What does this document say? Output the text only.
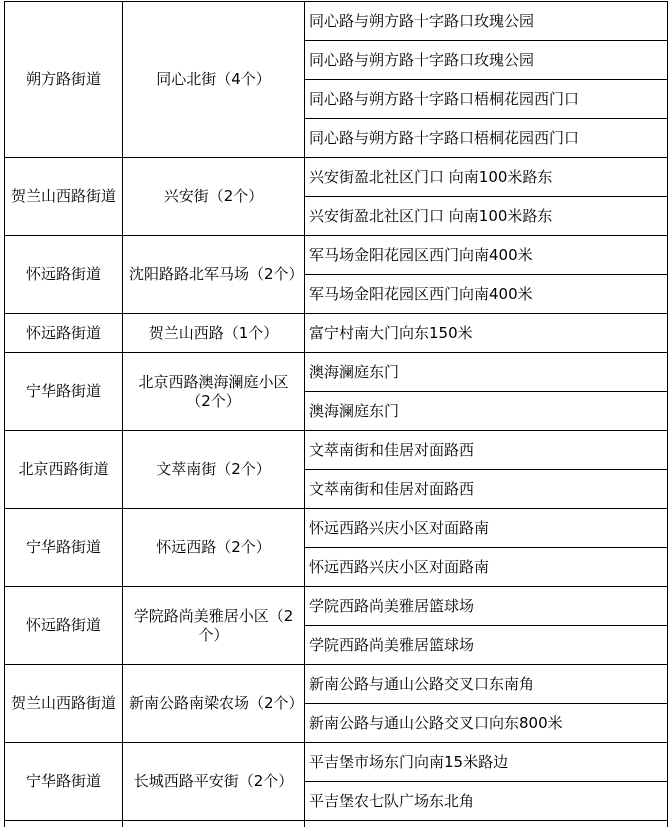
朔方路街道	同心北街（4个）	同心路与朔方路十字路口玫瑰公园
		同心路与朔方路十字路口玫瑰公园
		同心路与朔方路十字路口梧桐花园西门口
		同心路与朔方路十字路口梧桐花园西门口
贺兰山西路街道	兴安街（2个）	兴安街盈北社区门口 向南100米路东
		兴安街盈北社区门口 向南100米路东
怀远路街道	沈阳路路北军马场（2个）	军马场金阳花园区西门向南400米
		军马场金阳花园区西门向南400米
怀远路街道	贺兰山西路（1个）	富宁村南大门向东150米
宁华路街道	北京西路澳海澜庭小区（2个）	澳海澜庭东门
		澳海澜庭东门
北京西路街道	文萃南街（2个）	文萃南街和佳居对面路西
		文萃南街和佳居对面路西
宁华路街道	怀远西路（2个）	怀远西路兴庆小区对面路南
		怀远西路兴庆小区对面路南
怀远路街道	学院路尚美雅居小区（2个）	学院西路尚美雅居篮球场
		学院西路尚美雅居篮球场
贺兰山西路街道	新南公路南梁农场（2个）	新南公路与通山公路交叉口东南角
		新南公路与通山公路交叉口向东800米
宁华路街道	长城西路平安街（2个）	平吉堡市场东门向南15米路边
		平吉堡农七队广场东北角
